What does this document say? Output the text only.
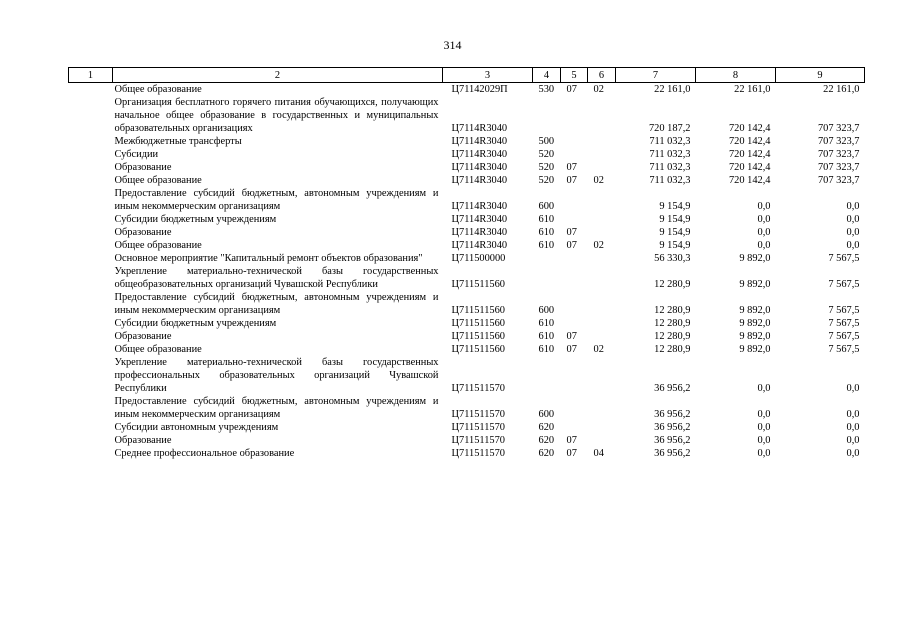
314
1	2	3	4	5	6	7	8	9
	Общее образование	Ц71142029П	530	07	02	22 161,0	22 161,0	22 161,0
	Организация бесплатного горячего питания обучающихся, получающих начальное общее образование в государственных и муниципальных образовательных организациях	Ц7114R3040				720 187,2	720 142,4	707 323,7
	Межбюджетные трансферты	Ц7114R3040	500			711 032,3	720 142,4	707 323,7
	Субсидии	Ц7114R3040	520			711 032,3	720 142,4	707 323,7
	Образование	Ц7114R3040	520	07		711 032,3	720 142,4	707 323,7
	Общее образование	Ц7114R3040	520	07	02	711 032,3	720 142,4	707 323,7
	Предоставление субсидий бюджетным, автономным учреждениям и иным некоммерческим организациям	Ц7114R3040	600			9 154,9	0,0	0,0
	Субсидии бюджетным учреждениям	Ц7114R3040	610			9 154,9	0,0	0,0
	Образование	Ц7114R3040	610	07		9 154,9	0,0	0,0
	Общее образование	Ц7114R3040	610	07	02	9 154,9	0,0	0,0
	Основное мероприятие "Капитальный ремонт объектов образования"	Ц711500000				56 330,3	9 892,0	7 567,5
	Укрепление материально-технической базы государственных общеобразовательных организаций Чувашской Республики	Ц711511560				12 280,9	9 892,0	7 567,5
	Предоставление субсидий бюджетным, автономным учреждениям и иным некоммерческим организациям	Ц711511560	600			12 280,9	9 892,0	7 567,5
	Субсидии бюджетным учреждениям	Ц711511560	610			12 280,9	9 892,0	7 567,5
	Образование	Ц711511560	610	07		12 280,9	9 892,0	7 567,5
	Общее образование	Ц711511560	610	07	02	12 280,9	9 892,0	7 567,5
	Укрепление материально-технической базы государственных профессиональных образовательных организаций Чувашской Республики	Ц711511570				36 956,2	0,0	0,0
	Предоставление субсидий бюджетным, автономным учреждениям и иным некоммерческим организациям	Ц711511570	600			36 956,2	0,0	0,0
	Субсидии автономным учреждениям	Ц711511570	620			36 956,2	0,0	0,0
	Образование	Ц711511570	620	07		36 956,2	0,0	0,0
	Среднее профессиональное образование	Ц711511570	620	07	04	36 956,2	0,0	0,0
